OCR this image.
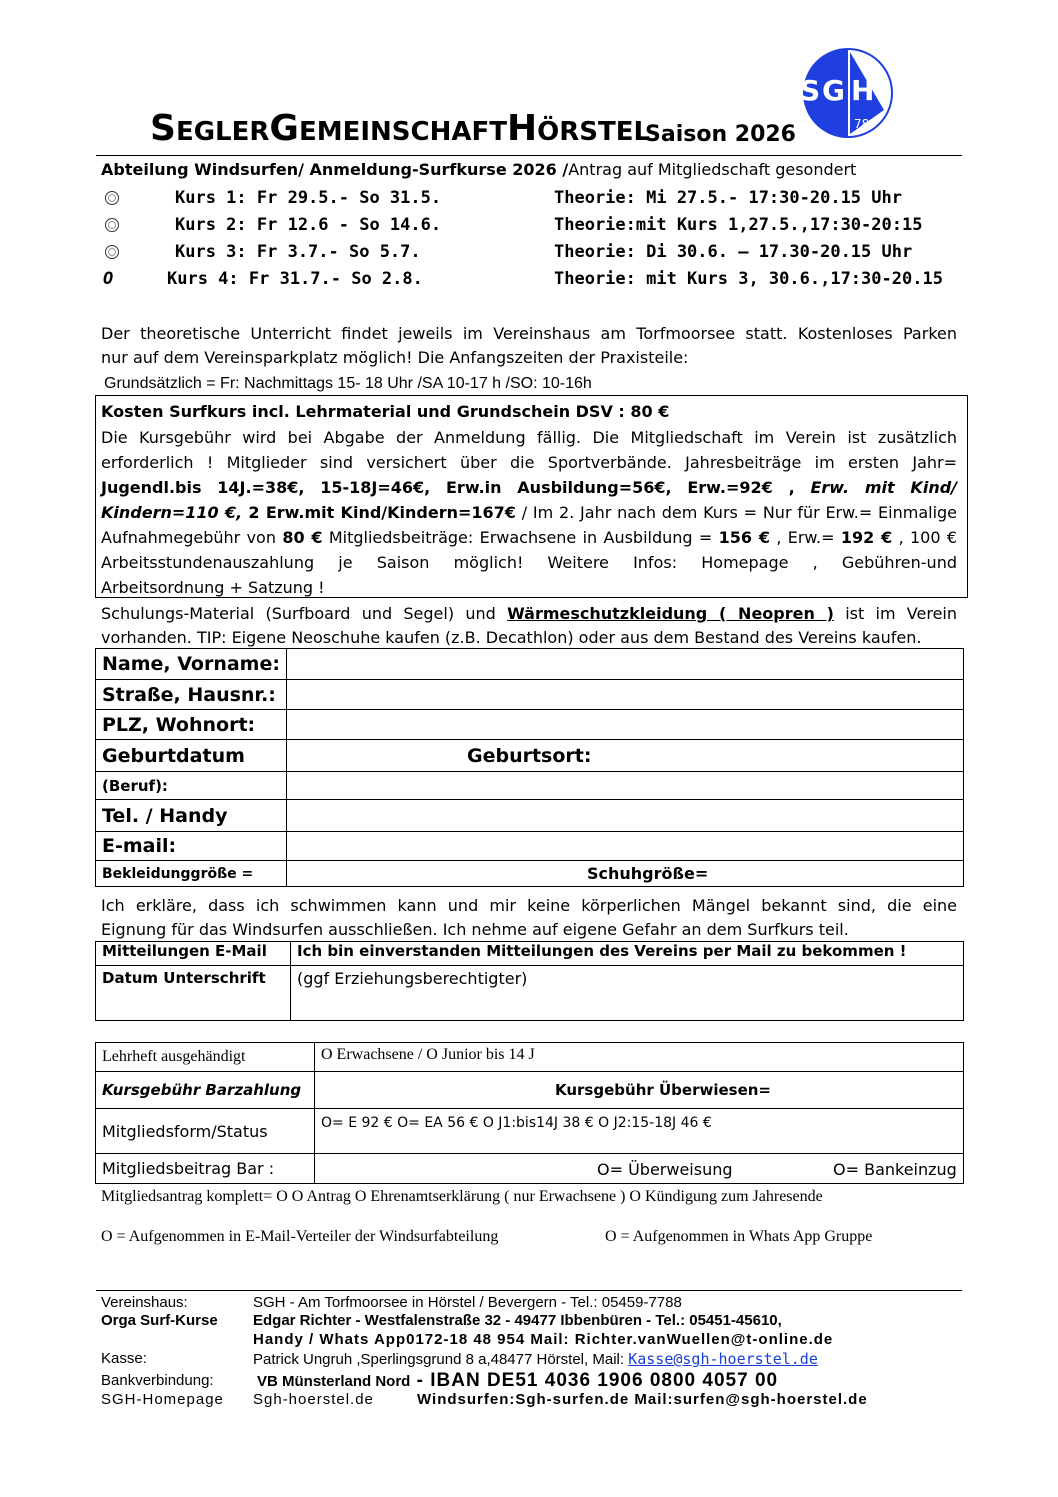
S G H
19 78
SEGLERGEMEINSCHAFTHÖRSTEL
Saison 2026
Abteilung Windsurfen/ Anmeldung-Surfkurse 2026 /Antrag auf Mitgliedschaft gesondert
Kurs 1: Fr 29.5.- So 31.5.	Theorie: Mi 27.5.- 17:30-20.15 Uhr
Kurs 2: Fr 12.6 - So 14.6.	Theorie:mit Kurs 1,27.5.,17:30-20:15
Kurs 3: Fr 3.7.- So 5.7.	Theorie: Di 30.6. – 17.30-20.15 Uhr
O	Kurs 4: Fr 31.7.- So 2.8.	Theorie: mit Kurs 3, 30.6.,17:30-20.15
Der theoretische Unterricht findet jeweils im Vereinshaus am Torfmoorsee statt. Kostenloses Parken
nur auf dem Vereinsparkplatz möglich! Die Anfangszeiten der Praxisteile:
Grundsätzlich = Fr: Nachmittags 15- 18 Uhr /SA 10-17 h /SO: 10-16h
Kosten Surfkurs incl. Lehrmaterial und Grundschein DSV : 80 €
Die Kursgebühr wird bei Abgabe der Anmeldung fällig. Die Mitgliedschaft im Verein ist zusätzlich
erforderlich ! Mitglieder sind versichert über die Sportverbände. Jahresbeiträge im ersten Jahr=
Jugendl.bis 14J.=38€, 15-18J=46€, Erw.in Ausbildung=56€, Erw.=92€ , Erw. mit Kind/
Kindern=110 €, 2 Erw.mit Kind/Kindern=167€ / Im 2. Jahr nach dem Kurs = Nur für Erw.= Einmalige
Aufnahmegebühr von 80 € Mitgliedsbeiträge: Erwachsene in Ausbildung = 156 € , Erw.= 192 € , 100 €
Arbeitsstundenauszahlung je Saison möglich! Weitere Infos: Homepage , Gebühren-und
Arbeitsordnung + Satzung !
Schulungs-Material (Surfboard und Segel) und Wärmeschutzkleidung ( Neopren ) ist im Verein
vorhanden. TIP: Eigene Neoschuhe kaufen (z.B. Decathlon) oder aus dem Bestand des Vereins kaufen.
Name, Vorname:	
Straße, Hausnr.:	
PLZ, Wohnort:	
Geburtdatum	Geburtsort:
(Beruf):	
Tel. / Handy	
E-mail:	
Bekleidunggröße =	Schuhgröße=
Ich erkläre, dass ich schwimmen kann und mir keine körperlichen Mängel bekannt sind, die eine
Eignung für das Windsurfen ausschließen. Ich nehme auf eigene Gefahr an dem Surfkurs teil.
Mitteilungen E-Mail	Ich bin einverstanden Mitteilungen des Vereins per Mail zu bekommen !
Datum Unterschrift	(ggf Erziehungsberechtigter)
Lehrheft ausgehändigt	O Erwachsene / O Junior bis 14 J
Kursgebühr Barzahlung	Kursgebühr Überwiesen=
Mitgliedsform/Status	O= E 92 € O= EA 56 € O J1:bis14J 38 € O J2:15-18J 46 €
Mitgliedsbeitrag Bar :	O= Überweisung O= Bankeinzug
Mitgliedsantrag komplett= O O Antrag O Ehrenamtserklärung ( nur Erwachsene ) O Kündigung zum Jahresende
O = Aufgenommen in E-Mail-Verteiler der Windsurfabteilung	O = Aufgenommen in Whats App Gruppe
Vereinshaus:	SGH - Am Torfmoorsee in Hörstel / Bevergern - Tel.: 05459-7788
Orga Surf-Kurse Edgar Richter - Westfalenstraße 32 - 49477 Ibbenbüren - Tel.: 05451-45610,
Handy / Whats App0172-18 48 954 Mail: Richter.vanWuellen@t-online.de
Kasse:	Patrick Ungruh ,Sperlingsgrund 8 a,48477 Hörstel, Mail: Kasse@sgh-hoerstel.de
Bankverbindung:	VB Münsterland Nord - IBAN DE51 4036 1906 0800 4057 00
SGH-Homepage Sgh-hoerstel.de	Windsurfen:Sgh-surfen.de Mail:surfen@sgh-hoerstel.de
